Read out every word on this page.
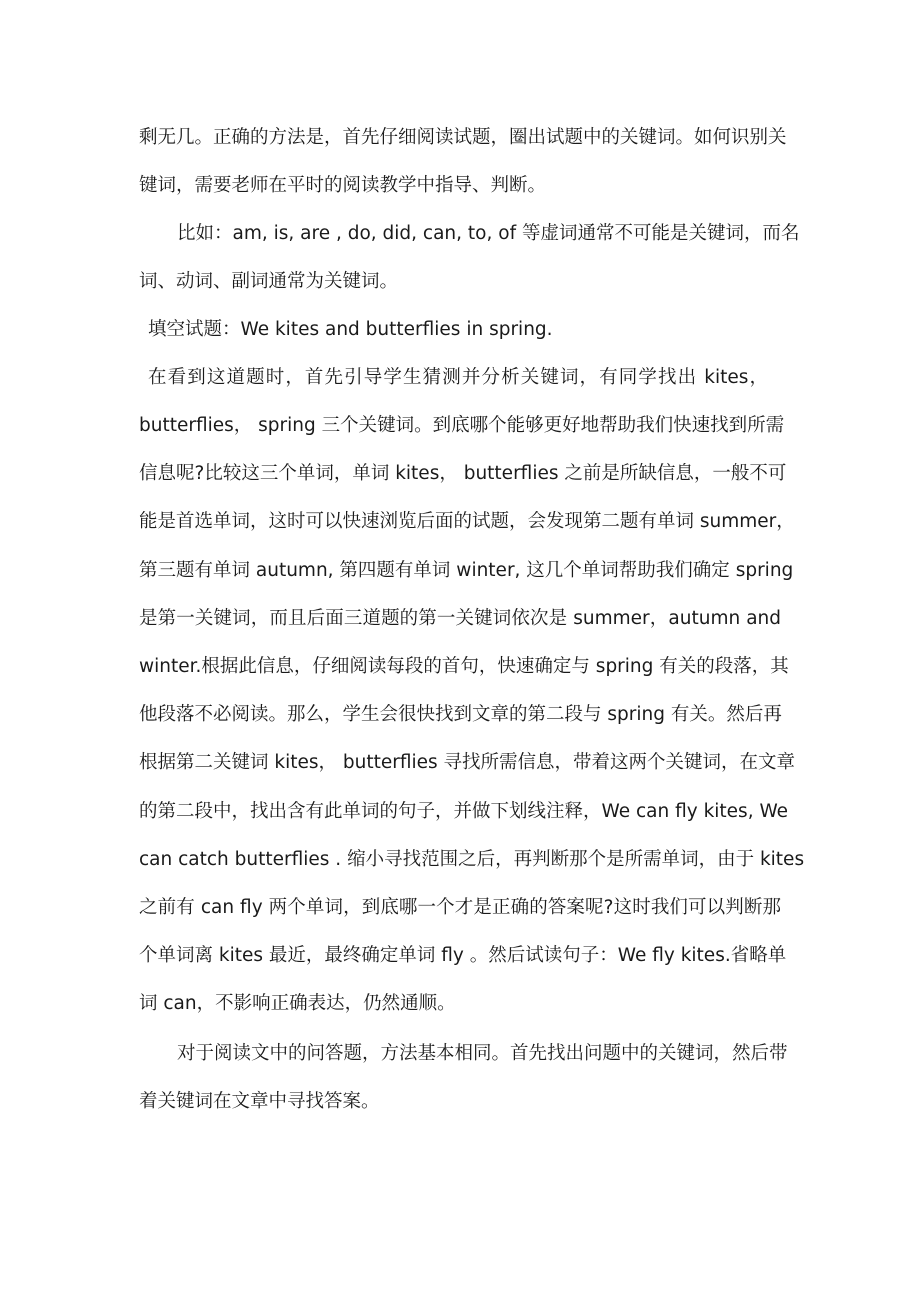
剩无几。正确的方法是，首先仔细阅读试题，圈出试题中的关键词。如何识别关
键词，需要老师在平时的阅读教学中指导、判断。
比如：am, is, are , do, did, can, to, of 等虚词通常不可能是关键词，而名
词、动词、副词通常为关键词。
填空试题：We kites and butterflies in spring.
在看到这道题时，首先引导学生猜测并分析关键词，有同学找出 kites，
butterflies， spring 三个关键词。到底哪个能够更好地帮助我们快速找到所需
信息呢?比较这三个单词，单词 kites， butterflies 之前是所缺信息，一般不可
能是首选单词，这时可以快速浏览后面的试题，会发现第二题有单词 summer，
第三题有单词 autumn, 第四题有单词 winter, 这几个单词帮助我们确定 spring
是第一关键词，而且后面三道题的第一关键词依次是 summer，autumn and
winter.根据此信息，仔细阅读每段的首句，快速确定与 spring 有关的段落，其
他段落不必阅读。那么，学生会很快找到文章的第二段与 spring 有关。然后再
根据第二关键词 kites， butterflies 寻找所需信息，带着这两个关键词，在文章
的第二段中，找出含有此单词的句子，并做下划线注释，We can fly kites, We
can catch butterflies . 缩小寻找范围之后，再判断那个是所需单词，由于 kites
之前有 can fly 两个单词，到底哪一个才是正确的答案呢?这时我们可以判断那
个单词离 kites 最近，最终确定单词 fly 。然后试读句子：We fly kites.省略单
词 can，不影响正确表达，仍然通顺。
对于阅读文中的问答题，方法基本相同。首先找出问题中的关键词，然后带
着关键词在文章中寻找答案。
